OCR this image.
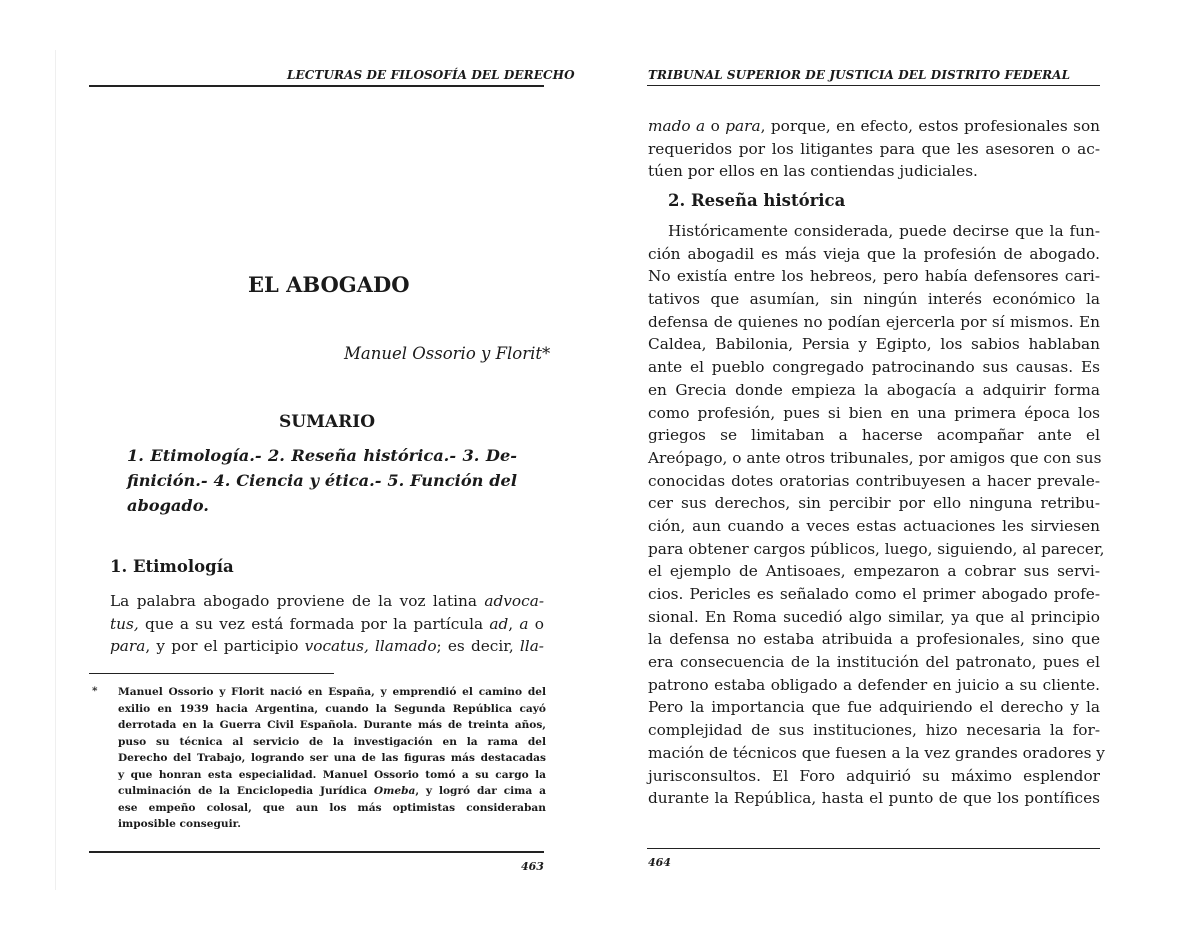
LECTURAS DE FILOSOFÍA DEL DERECHO
EL ABOGADO
Manuel Ossorio y Florit*
SUMARIO
1. Etimología.- 2. Reseña histórica.- 3. De-
finición.- 4. Ciencia y ética.- 5. Función del
abogado.
1. Etimología
La palabra abogado proviene de la voz latina advoca-
tus, que a su vez está formada por la partícula ad, a o
para, y por el participio vocatus, llamado; es decir, lla-
* Manuel Ossorio y Florit nació en España, y emprendió el camino del
exilio en 1939 hacia Argentina, cuando la Segunda República cayó
derrotada en la Guerra Civil Española. Durante más de treinta años,
puso su técnica al servicio de la investigación en la rama del
Derecho del Trabajo, logrando ser una de las figuras más destacadas
y que honran esta especialidad. Manuel Ossorio tomó a su cargo la
culminación de la Enciclopedia Jurídica Omeba, y logró dar cima a
ese empeño colosal, que aun los más optimistas consideraban
imposible conseguir.
463
TRIBUNAL SUPERIOR DE JUSTICIA DEL DISTRITO FEDERAL
mado a o para, porque, en efecto, estos profesionales son
requeridos por los litigantes para que les asesoren o ac-
túen por ellos en las contiendas judiciales.
2. Reseña histórica
Históricamente considerada, puede decirse que la fun-
ción abogadil es más vieja que la profesión de abogado.
No existía entre los hebreos, pero había defensores cari-
tativos que asumían, sin ningún interés económico la
defensa de quienes no podían ejercerla por sí mismos. En
Caldea, Babilonia, Persia y Egipto, los sabios hablaban
ante el pueblo congregado patrocinando sus causas. Es
en Grecia donde empieza la abogacía a adquirir forma
como profesión, pues si bien en una primera época los
griegos se limitaban a hacerse acompañar ante el
Areópago, o ante otros tribunales, por amigos que con sus
conocidas dotes oratorias contribuyesen a hacer prevale-
cer sus derechos, sin percibir por ello ninguna retribu-
ción, aun cuando a veces estas actuaciones les sirviesen
para obtener cargos públicos, luego, siguiendo, al parecer,
el ejemplo de Antisoaes, empezaron a cobrar sus servi-
cios. Pericles es señalado como el primer abogado profe-
sional. En Roma sucedió algo similar, ya que al principio
la defensa no estaba atribuida a profesionales, sino que
era consecuencia de la institución del patronato, pues el
patrono estaba obligado a defender en juicio a su cliente.
Pero la importancia que fue adquiriendo el derecho y la
complejidad de sus instituciones, hizo necesaria la for-
mación de técnicos que fuesen a la vez grandes oradores y
jurisconsultos. El Foro adquirió su máximo esplendor
durante la República, hasta el punto de que los pontífices
464
